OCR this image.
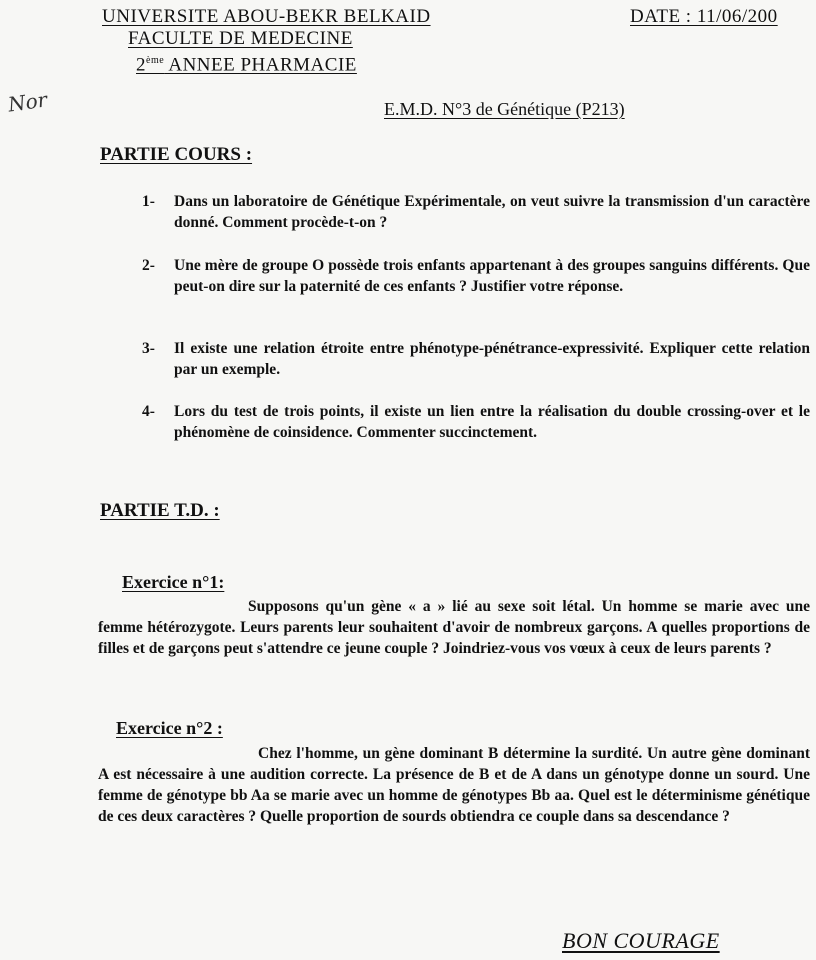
UNIVERSITE ABOU-BEKR BELKAID
FACULTE DE MEDECINE
2ème ANNEE PHARMACIE
DATE : 11/06/200
Nor	E.M.D. N°3 de Génétique (P213)
PARTIE COURS :
1- Dans un laboratoire de Génétique Expérimentale, on veut suivre la transmission d'un caractère donné. Comment procède-t-on ?
2- Une mère de groupe O possède trois enfants appartenant à des groupes sanguins différents. Que peut-on dire sur la paternité de ces enfants ? Justifier votre réponse.
3- Il existe une relation étroite entre phénotype-pénétrance-expressivité. Expliquer cette relation par un exemple.
4- Lors du test de trois points, il existe un lien entre la réalisation du double crossing-over et le phénomène de coinsidence. Commenter succinctement.
PARTIE T.D. :
Exercice n°1:
Supposons qu'un gène « a » lié au sexe soit létal. Un homme se marie avec une femme hétérozygote. Leurs parents leur souhaitent d'avoir de nombreux garçons. A quelles proportions de filles et de garçons peut s'attendre ce jeune couple ? Joindriez-vous vos vœux à ceux de leurs parents ?
Exercice n°2 :
Chez l'homme, un gène dominant B détermine la surdité. Un autre gène dominant A est nécessaire à une audition correcte. La présence de B et de A dans un génotype donne un sourd. Une femme de génotype bb Aa se marie avec un homme de génotypes Bb aa. Quel est le déterminisme génétique de ces deux caractères ? Quelle proportion de sourds obtiendra ce couple dans sa descendance ?
BON COURAGE
